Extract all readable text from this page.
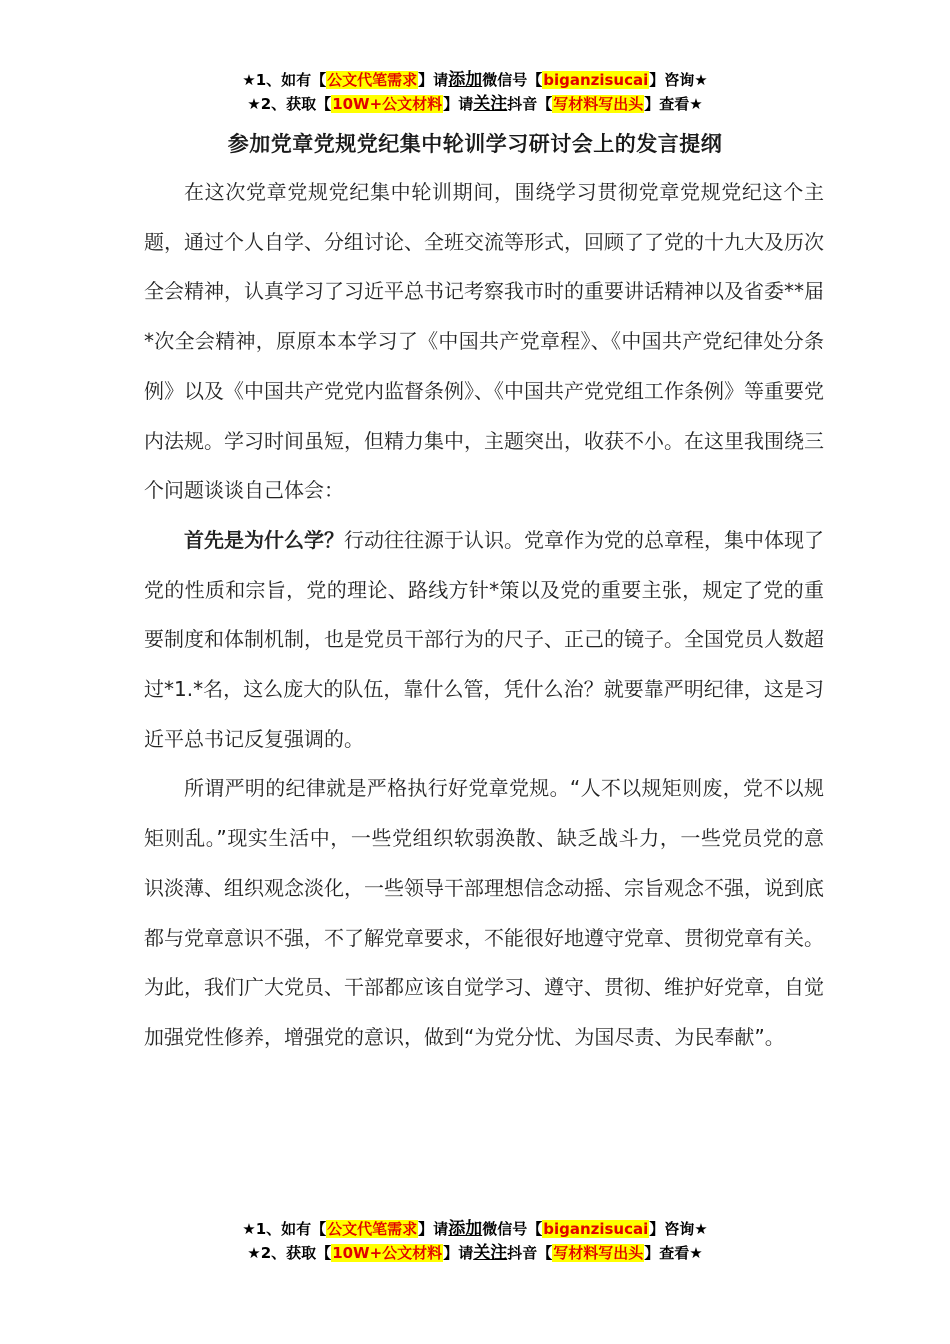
★1、如有【公文代笔需求】请添加微信号【biganzisucai】咨询★
★2、获取【10W+公文材料】请关注抖音【写材料写出头】查看★
参加党章党规党纪集中轮训学习研讨会上的发言提纲

在这次党章党规党纪集中轮训期间，围绕学习贯彻党章党规党纪这个主题，通过个人自学、分组讨论、全班交流等形式，回顾了了党的十九大及历次全会精神，认真学习了习近平总书记考察我市时的重要讲话精神以及省委**届*次全会精神，原原本本学习了《中国共产党章程》、《中国共产党纪律处分条例》以及《中国共产党党内监督条例》、《中国共产党党组工作条例》等重要党内法规。学习时间虽短，但精力集中，主题突出，收获不小。在这里我围绕三个问题谈谈自己体会：

首先是为什么学？行动往往源于认识。党章作为党的总章程，集中体现了党的性质和宗旨，党的理论、路线方针*策以及党的重要主张，规定了党的重要制度和体制机制，也是党员干部行为的尺子、正己的镜子。全国党员人数超过*1.*名，这么庞大的队伍，靠什么管，凭什么治？就要靠严明纪律，这是习近平总书记反复强调的。

所谓严明的纪律就是严格执行好党章党规。“人不以规矩则废，党不以规矩则乱。”现实生活中，一些党组织软弱涣散、缺乏战斗力，一些党员党的意识淡薄、组织观念淡化，一些领导干部理想信念动摇、宗旨观念不强，说到底都与党章意识不强，不了解党章要求，不能很好地遵守党章、贯彻党章有关。为此，我们广大党员、干部都应该自觉学习、遵守、贯彻、维护好党章，自觉加强党性修养，增强党的意识，做到“为党分忧、为国尽责、为民奉献”。

★1、如有【公文代笔需求】请添加微信号【biganzisucai】咨询★
★2、获取【10W+公文材料】请关注抖音【写材料写出头】查看★
